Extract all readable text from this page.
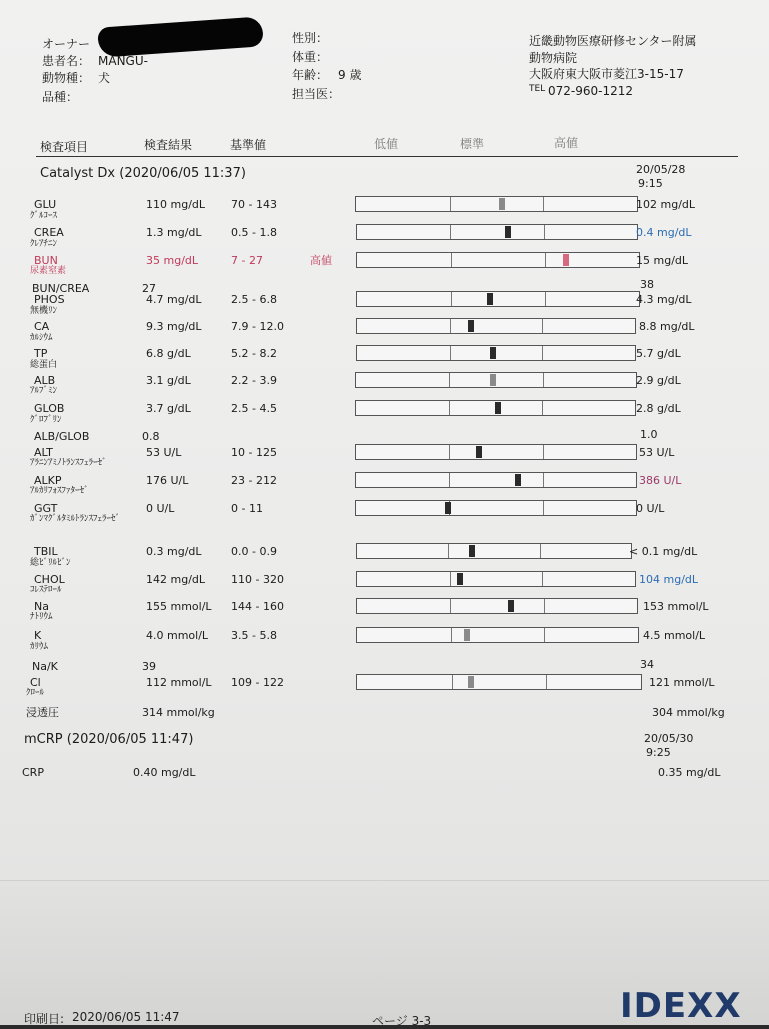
オーナー
患者名： MANGU-
動物種： 犬
品種：
性別：
体重：
年齢： 9 歳
担当医：
近畿動物医療研修センター附属
動物病院
大阪府東大阪市菱江3-15-17
TEL 072-960-1212
検査項目	検査結果	基準値	低値	標準	高値
Catalyst Dx (2020/06/05 11:37)	20/05/28
9:15
GLU
ｸﾞﾙｺｰｽ
110 mg/dL 70 - 143	102 mg/dL
CREA
ｸﾚｱﾁﾆﾝ
1.3 mg/dL	0.5 - 1.8	0.4 mg/dL
BUN
尿素窒素
35 mg/dL	7 - 27	高値	15 mg/dL
BUN/CREA	27	38
PHOS
無機ﾘﾝ
4.7 mg/dL	2.5 - 6.8	4.3 mg/dL
CA
ｶﾙｼｳﾑ
9.3 mg/dL	7.9 - 12.0	8.8 mg/dL
TP
総蛋白
6.8 g/dL	5.2 - 8.2	5.7 g/dL
ALB
ｱﾙﾌﾞﾐﾝ
3.1 g/dL	2.2 - 3.9	2.9 g/dL
GLOB
ｸﾞﾛﾌﾞﾘﾝ
3.7 g/dL	2.5 - 4.5	2.8 g/dL
ALB/GLOB	0.8	1.0
ALT
ｱﾗﾆﾝｱﾐﾉﾄﾗﾝｽﾌｪﾗｰｾﾞ
53 U/L	10 - 125	53 U/L
ALKP
ｱﾙｶﾘﾌｫｽﾌｧﾀｰｾﾞ
176 U/L	23 - 212	386 U/L
GGT
ｶﾞﾝﾏｸﾞﾙﾀﾐﾙﾄﾗﾝｽﾌｪﾗｰｾﾞ
0 U/L	0 - 11	0 U/L
TBIL
総ﾋﾞﾘﾙﾋﾞﾝ
0.3 mg/dL	0.0 - 0.9	< 0.1 mg/dL
CHOL
ｺﾚｽﾃﾛｰﾙ
142 mg/dL 110 - 320	104 mg/dL
Na
ﾅﾄﾘｳﾑ
155 mmol/L 144 - 160	153 mmol/L
K
ｶﾘｳﾑ
4.0 mmol/L 3.5 - 5.8	4.5 mmol/L
Na/K	39	34
Cl
ｸﾛｰﾙ
112 mmol/L 109 - 122	121 mmol/L
浸透圧	314 mmol/kg	304 mmol/kg
mCRP (2020/06/05 11:47)	20/05/30
9:25
CRP	0.40 mg/dL	0.35 mg/dL
印刷日: 2020/06/05 11:47	ページ 3-3	IDEXX
